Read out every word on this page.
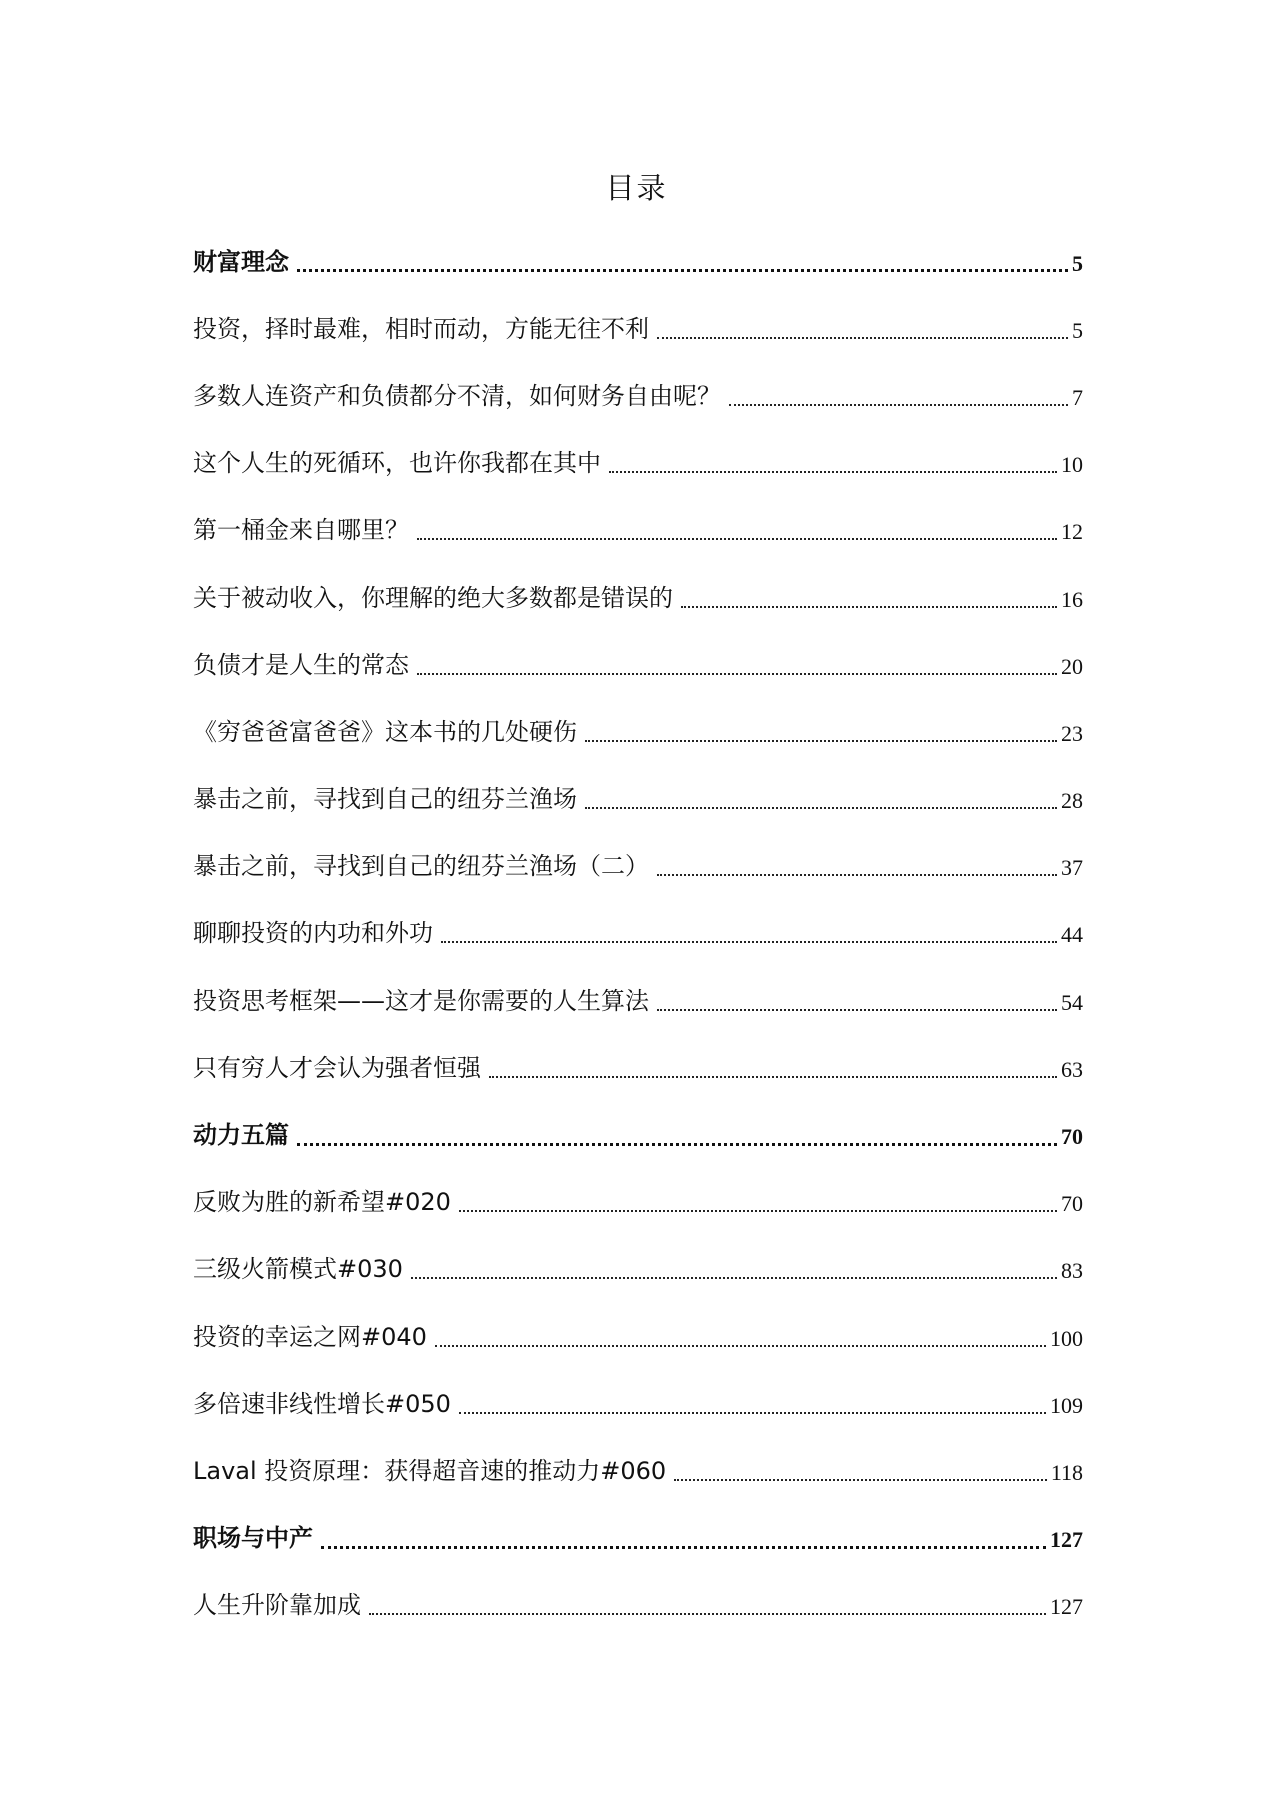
目录
财富理念	5
投资，择时最难，相时而动，方能无往不利	5
多数人连资产和负债都分不清，如何财务自由呢？	7
这个人生的死循环，也许你我都在其中	10
第一桶金来自哪里？	12
关于被动收入，你理解的绝大多数都是错误的	16
负债才是人生的常态	20
《穷爸爸富爸爸》这本书的几处硬伤	23
暴击之前，寻找到自己的纽芬兰渔场	28
暴击之前，寻找到自己的纽芬兰渔场（二）	37
聊聊投资的内功和外功	44
投资思考框架——这才是你需要的人生算法	54
只有穷人才会认为强者恒强	63
动力五篇	70
反败为胜的新希望#020	70
三级火箭模式#030	83
投资的幸运之网#040	100
多倍速非线性增长#050	109
Laval 投资原理：获得超音速的推动力#060	118
职场与中产	127
人生升阶靠加成	127
